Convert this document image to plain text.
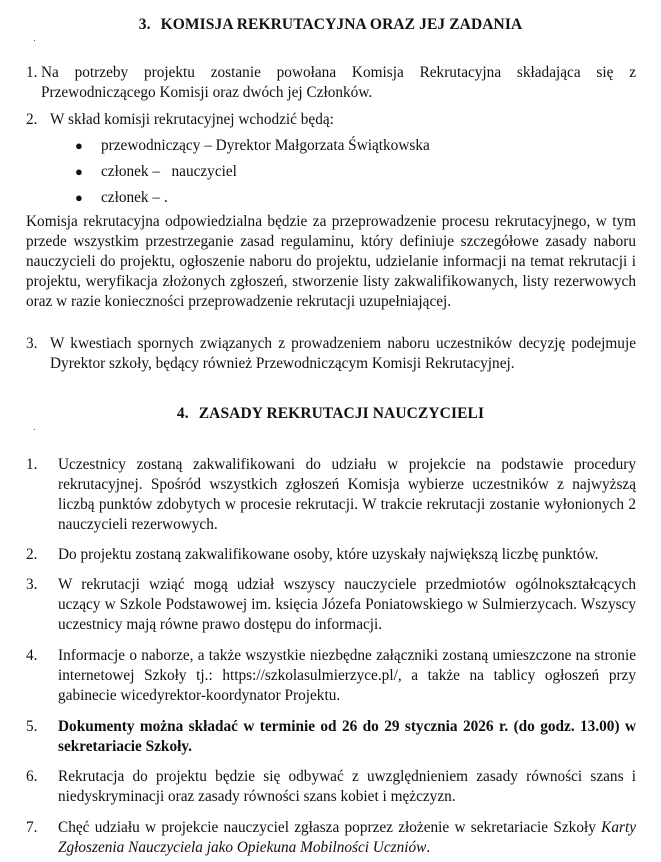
3. KOMISJA REKRUTACYJNA ORAZ JEJ ZADANIA
1. Na potrzeby projektu zostanie powołana Komisja Rekrutacyjna składająca się z Przewodniczącego Komisji oraz dwóch jej Członków.
2. W skład komisji rekrutacyjnej wchodzić będą:
● przewodniczący – Dyrektor Małgorzata Świątkowska
● członek –   nauczyciel
● członek – .
Komisja rekrutacyjna odpowiedzialna będzie za przeprowadzenie procesu rekrutacyjnego, w tym przede wszystkim przestrzeganie zasad regulaminu, który definiuje szczegółowe zasady naboru nauczycieli do projektu, ogłoszenie naboru do projektu, udzielanie informacji na temat rekrutacji i projektu, weryfikacja złożonych zgłoszeń, stworzenie listy zakwalifikowanych, listy rezerwowych oraz w razie konieczności przeprowadzenie rekrutacji uzupełniającej.
3. W kwestiach spornych związanych z prowadzeniem naboru uczestników decyzję podejmuje Dyrektor szkoły, będący również Przewodniczącym Komisji Rekrutacyjnej.
4. ZASADY REKRUTACJI NAUCZYCIELI
1. Uczestnicy zostaną zakwalifikowani do udziału w projekcie na podstawie procedury rekrutacyjnej. Spośród wszystkich zgłoszeń Komisja wybierze uczestników z najwyższą liczbą punktów zdobytych w procesie rekrutacji. W trakcie rekrutacji zostanie wyłonionych 2 nauczycieli rezerwowych.
2. Do projektu zostaną zakwalifikowane osoby, które uzyskały największą liczbę punktów.
3. W rekrutacji wziąć mogą udział wszyscy nauczyciele przedmiotów ogólnokształcących uczący w Szkole Podstawowej im. księcia Józefa Poniatowskiego w Sulmierzycach. Wszyscy uczestnicy mają równe prawo dostępu do informacji.
4. Informacje o naborze, a także wszystkie niezbędne załączniki zostaną umieszczone na stronie internetowej Szkoły tj.: https://szkolasulmierzyce.pl/, a także na tablicy ogłoszeń przy gabinecie wicedyrektor-koordynator Projektu.
5. Dokumenty można składać w terminie od 26 do 29 stycznia 2026 r. (do godz. 13.00) w sekretariacie Szkoły.
6. Rekrutacja do projektu będzie się odbywać z uwzględnieniem zasady równości szans i niedyskryminacji oraz zasady równości szans kobiet i mężczyzn.
7. Chęć udziału w projekcie nauczyciel zgłasza poprzez złożenie w sekretariacie Szkoły Karty Zgłoszenia Nauczyciela jako Opiekuna Mobilności Uczniów.
